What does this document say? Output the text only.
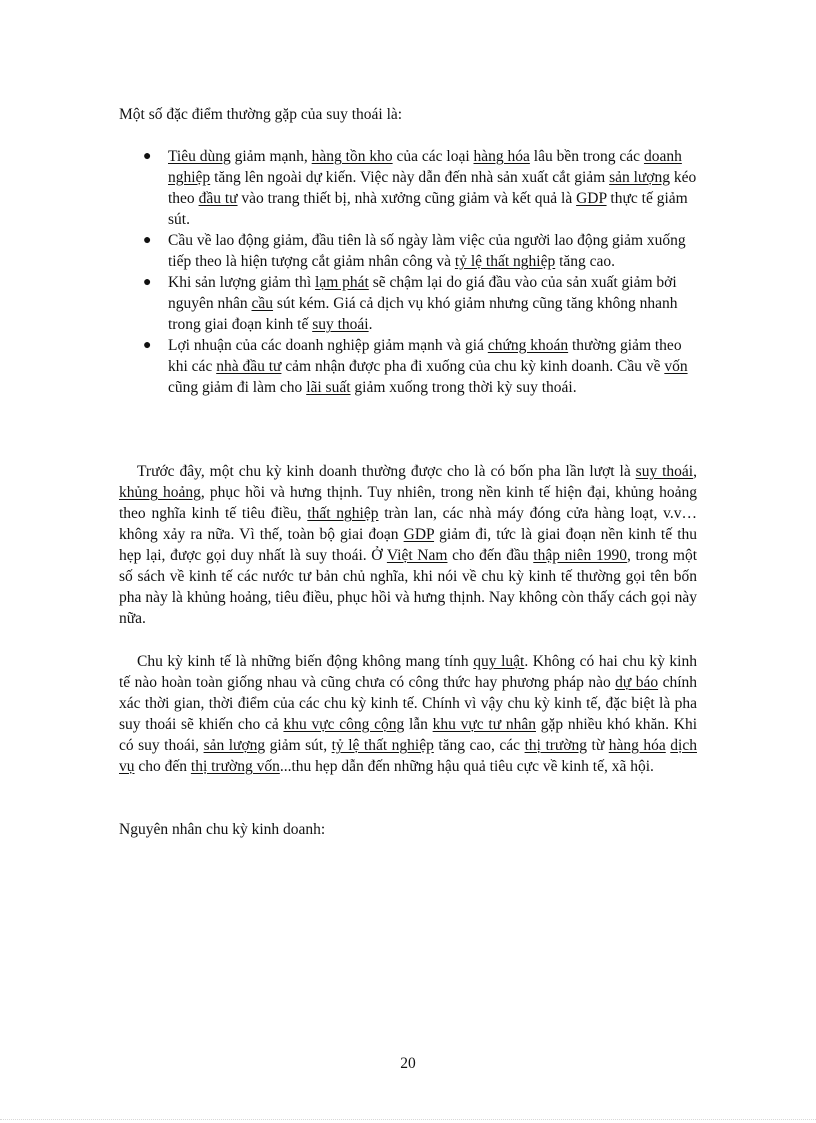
Một số đặc điểm thường gặp của suy thoái là:

● Tiêu dùng giảm mạnh, hàng tồn kho của các loại hàng hóa lâu bền trong các doanh nghiệp tăng lên ngoài dự kiến. Việc này dẫn đến nhà sản xuất cắt giảm sản lượng kéo theo đầu tư vào trang thiết bị, nhà xưởng cũng giảm và kết quả là GDP thực tế giảm sút.
● Cầu về lao động giảm, đầu tiên là số ngày làm việc của người lao động giảm xuống tiếp theo là hiện tượng cắt giảm nhân công và tỷ lệ thất nghiệp tăng cao.
● Khi sản lượng giảm thì lạm phát sẽ chậm lại do giá đầu vào của sản xuất giảm bởi nguyên nhân cầu sút kém. Giá cả dịch vụ khó giảm nhưng cũng tăng không nhanh trong giai đoạn kinh tế suy thoái.
● Lợi nhuận của các doanh nghiệp giảm mạnh và giá chứng khoán thường giảm theo khi các nhà đầu tư cảm nhận được pha đi xuống của chu kỳ kinh doanh. Cầu về vốn cũng giảm đi làm cho lãi suất giảm xuống trong thời kỳ suy thoái.

Trước đây, một chu kỳ kinh doanh thường được cho là có bốn pha lần lượt là suy thoái, khủng hoảng, phục hồi và hưng thịnh. Tuy nhiên, trong nền kinh tế hiện đại, khủng hoảng theo nghĩa kinh tế tiêu điều, thất nghiệp tràn lan, các nhà máy đóng cửa hàng loạt, v.v… không xảy ra nữa. Vì thế, toàn bộ giai đoạn GDP giảm đi, tức là giai đoạn nền kinh tế thu hẹp lại, được gọi duy nhất là suy thoái. Ở Việt Nam cho đến đầu thập niên 1990, trong một số sách về kinh tế các nước tư bản chủ nghĩa, khi nói về chu kỳ kinh tế thường gọi tên bốn pha này là khủng hoảng, tiêu điều, phục hồi và hưng thịnh. Nay không còn thấy cách gọi này nữa.

Chu kỳ kinh tế là những biến động không mang tính quy luật. Không có hai chu kỳ kinh tế nào hoàn toàn giống nhau và cũng chưa có công thức hay phương pháp nào dự báo chính xác thời gian, thời điểm của các chu kỳ kinh tế. Chính vì vậy chu kỳ kinh tế, đặc biệt là pha suy thoái sẽ khiến cho cả khu vực công cộng lẫn khu vực tư nhân gặp nhiều khó khăn. Khi có suy thoái, sản lượng giảm sút, tỷ lệ thất nghiệp tăng cao, các thị trường từ hàng hóa dịch vụ cho đến thị trường vốn...thu hẹp dẫn đến những hậu quả tiêu cực về kinh tế, xã hội.

Nguyên nhân chu kỳ kinh doanh:

20
